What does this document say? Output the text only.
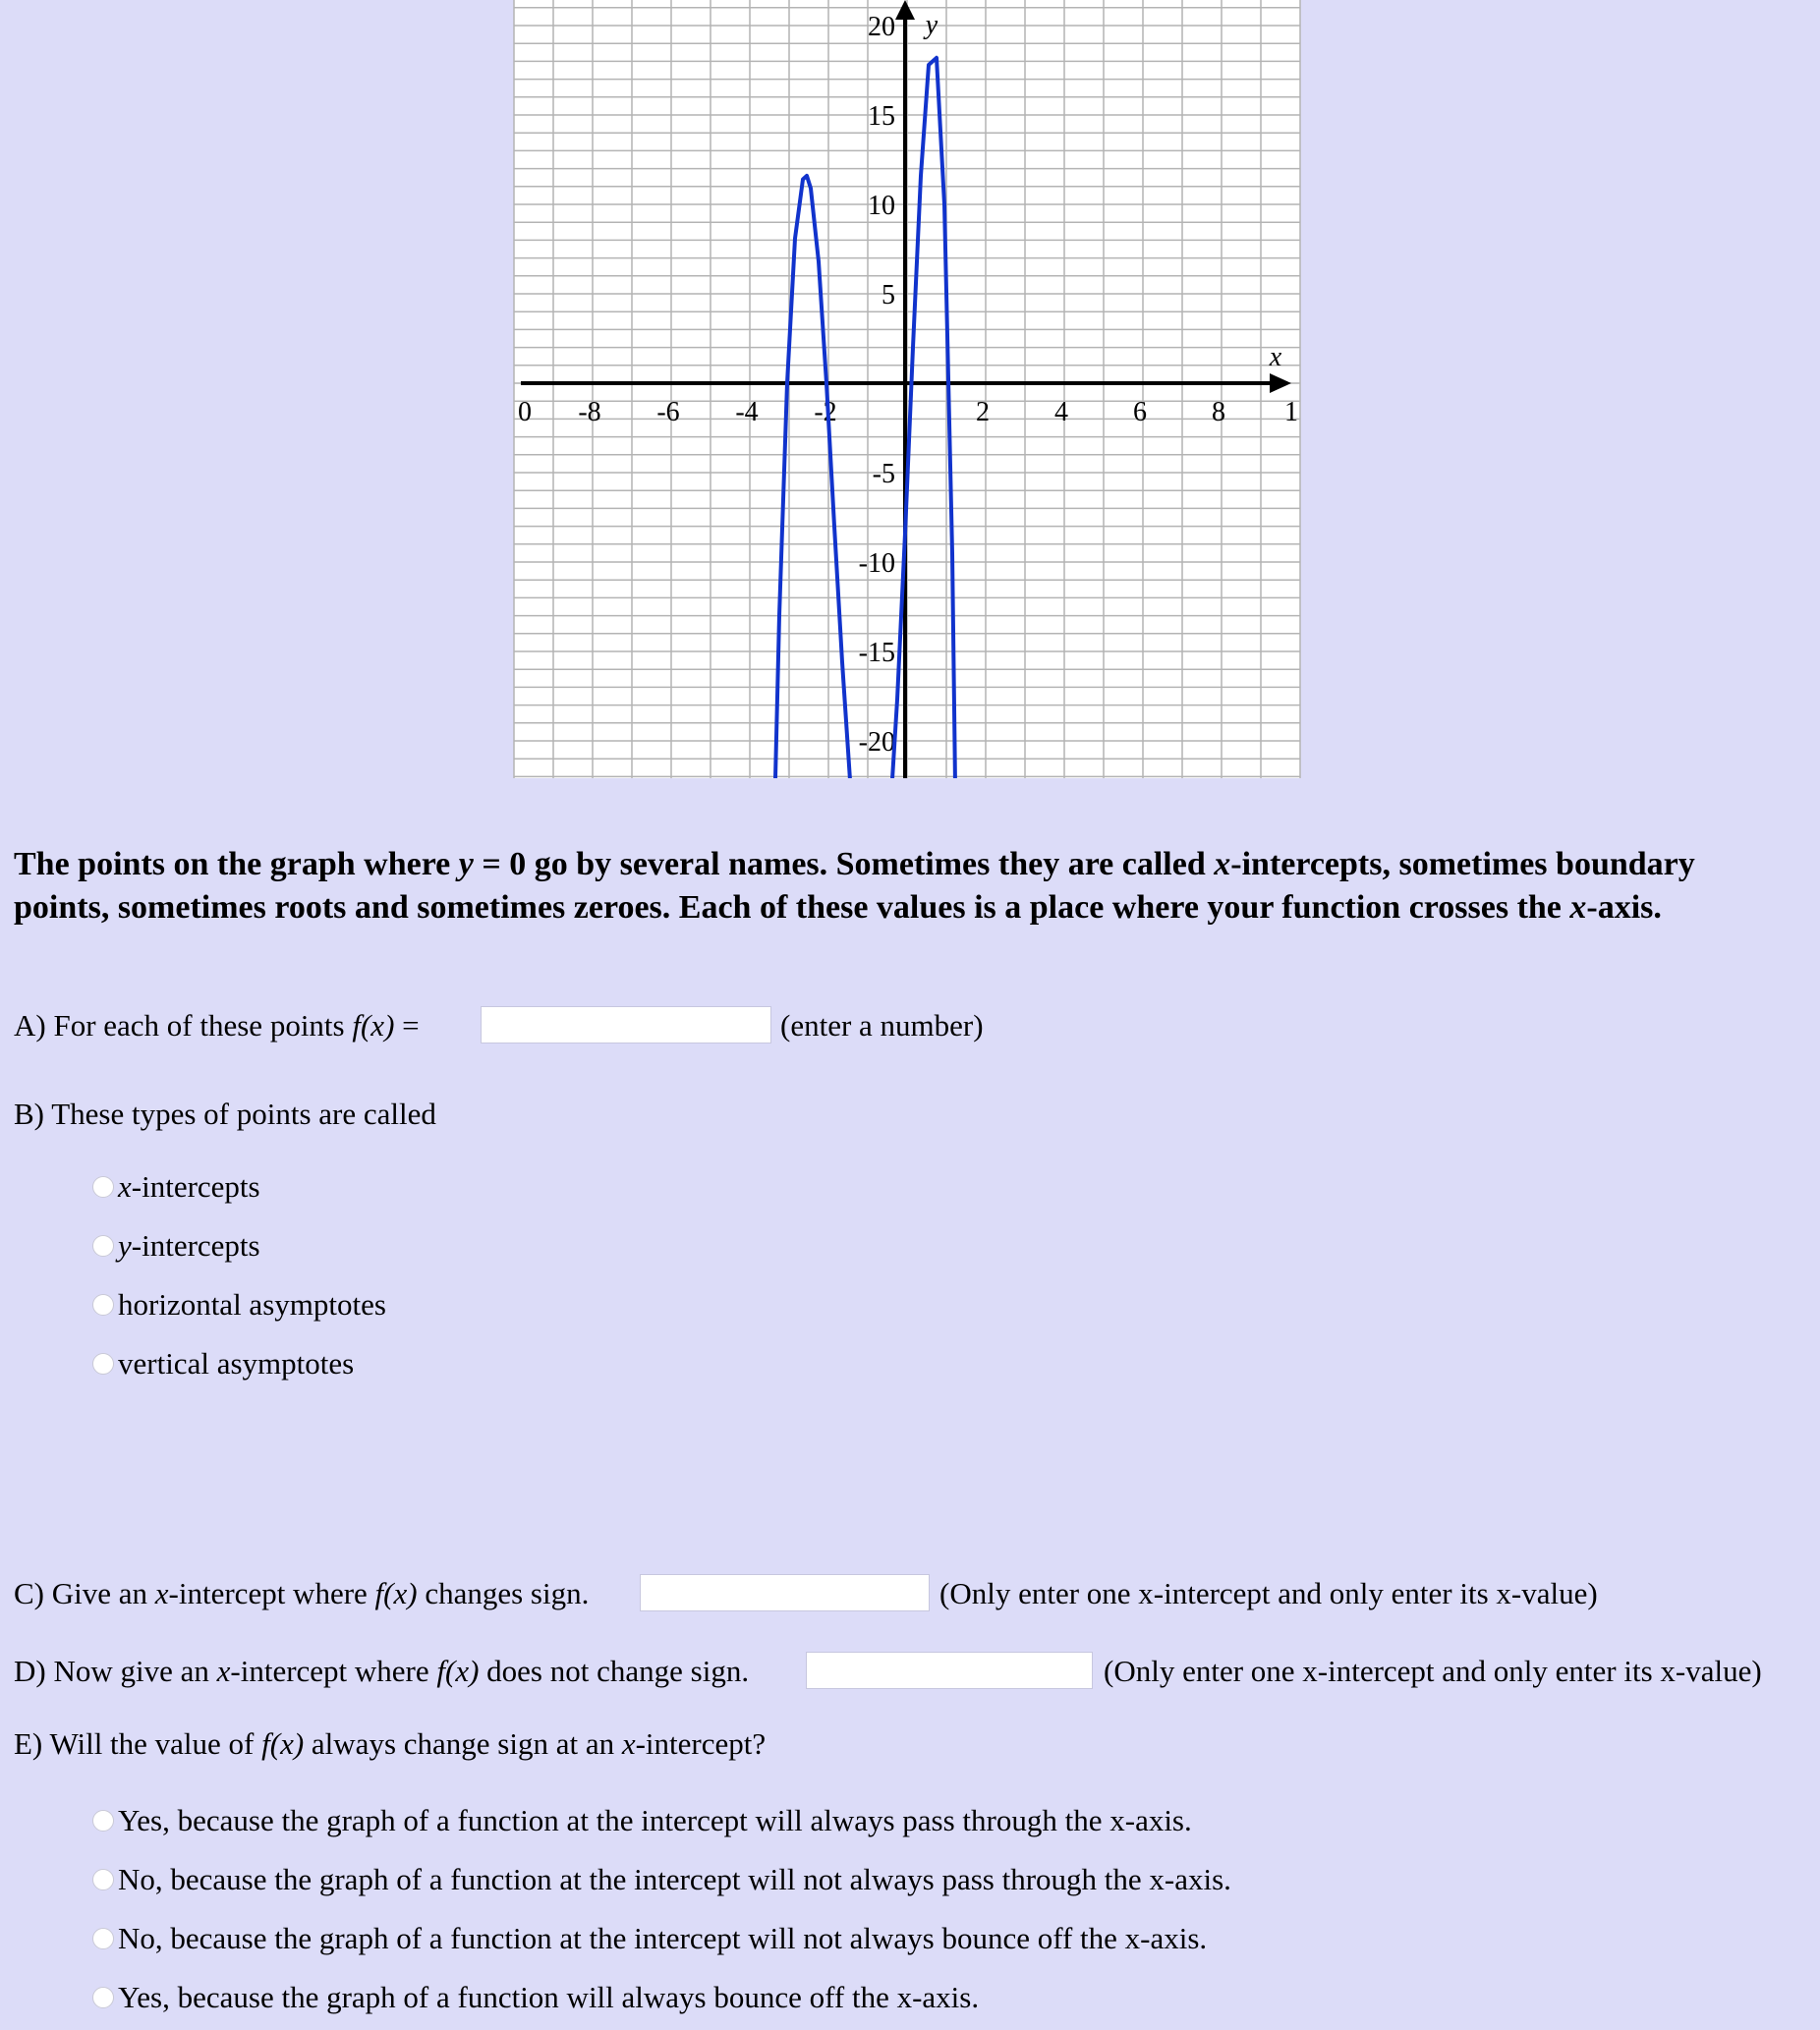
0 -8 -6 -4 -2	2 4 6 8 1
20
15
10
5
-5
-10
-15
-20
x
y

The points on the graph where y = 0 go by several names. Sometimes they are called x-intercepts, sometimes boundary points, sometimes roots and sometimes zeroes. Each of these values is a place where your function crosses the x-axis.

A) For each of these points f(x) =	(enter a number)
B) These types of points are called
x -intercepts
y -intercepts
horizontal asymptotes
vertical asymptotes
C) Give an x-intercept where f(x) changes sign.	(Only enter one x-intercept and only enter its x-value)
D) Now give an x-intercept where f(x) does not change sign.	(Only enter one x-intercept and only enter its x-value)
E) Will the value of f(x) always change sign at an x-intercept?
Yes, because the graph of a function at the intercept will always pass through the x-axis.
No, because the graph of a function at the intercept will not always pass through the x-axis.
No, because the graph of a function at the intercept will not always bounce off the x-axis.
Yes, because the graph of a function will always bounce off the x-axis.
